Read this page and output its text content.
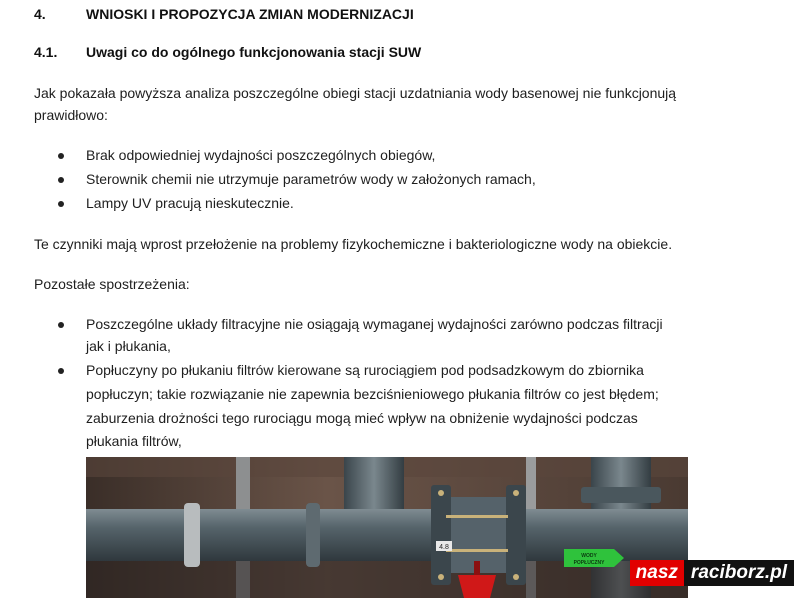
4.	WNIOSKI I PROPOZYCJA ZMIAN MODERNIZACJI
4.1. Uwagi co do ogólnego funkcjonowania stacji SUW
Jak pokazała powyższa analiza poszczególne obiegi stacji uzdatniania wody basenowej nie funkcjonują
prawidłowo:
Brak odpowiedniej wydajności poszczególnych obiegów,
Sterownik chemii nie utrzymuje parametrów wody w założonych ramach,
Lampy UV pracują nieskutecznie.
Te czynniki mają wprost przełożenie na problemy fizykochemiczne i bakteriologiczne wody na obiekcie.
Pozostałe spostrzeżenia:
Poszczególne układy filtracyjne nie osiągają wymaganej wydajności zarówno podczas filtracji
jak i płukania,
Popłuczyny po płukaniu filtrów kierowane są rurociągiem pod podsadzkowym do zbiornika
popłuczyn; takie rozwiązanie nie zapewnia bezciśnieniowego płukania filtrów co jest błędem;
zaburzenia drożności tego rurociągu mogą mieć wpływ na obniżenie wydajności podczas
płukania filtrów,
4.8
WODY
POPŁUCZNY	nasz raciborz.pl
